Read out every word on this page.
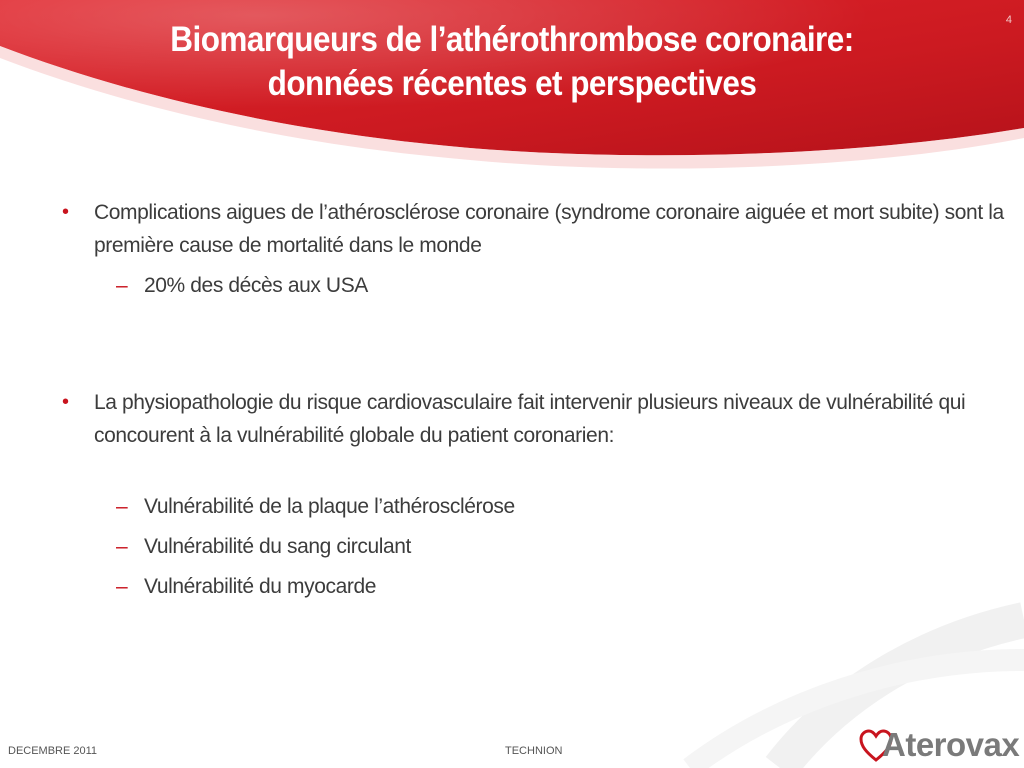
4
Biomarqueurs de l’athérothrombose coronaire:
données récentes et perspectives
• Complications aigues de l’athérosclérose coronaire (syndrome coronaire aiguée et mort subite) sont la première cause de mortalité dans le monde
– 20% des décès aux USA
• La physiopathologie du risque cardiovasculaire fait intervenir plusieurs niveaux de vulnérabilité qui concourent à la vulnérabilité globale du patient coronarien:
– Vulnérabilité de la plaque l’athérosclérose
– Vulnérabilité du sang circulant
– Vulnérabilité du myocarde
DECEMBRE 2011	TECHNION	Aterovax
